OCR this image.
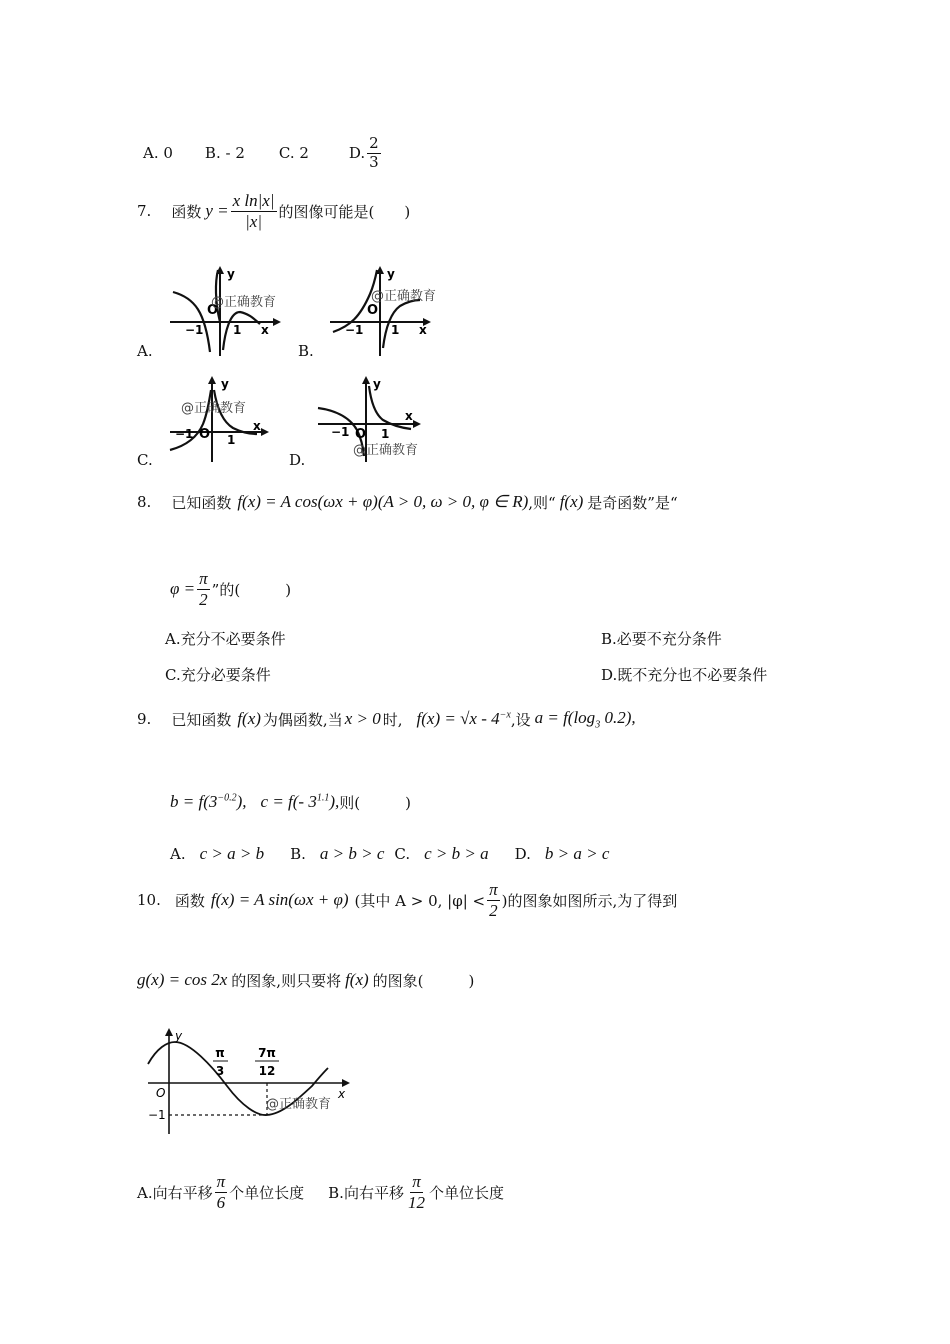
A. 0 B. - 2 C. 2	D. $\frac{2}{3}$
7. 函数 $y = \frac{\text{x ln|x|}}{|x|}$ 的图像可能是(　　)
A.
y
x
O
−1 1
@正确教育
B.
y
x
O
−1 1
@正确教育
C.
y
x
O
−1	1
@正确教育
D.
y
x
O
−1	1
@正确教育
8. 已知函数 f(x) = A cos(ωx + φ)(A > 0, ω > 0, φ ∈ R) ,则“ f(x) 是奇函数”是“
$\varphi = \frac{\pi}{2}$ ”的(　　　)
A.充分不必要条件	B.必要不充分条件
C.充分必要条件	D.既不充分也不必要条件
9. 已知函数 f(x) 为偶函数,当 x > 0 时, $f(x) = √x - 4^{-x}$ ,设 $a = f(\log_3$ 0.2),
$b = f(3^{-0.2})$, c = f(- $3^{1.1}$), 则(　　　)
A. c > a > b B. a > b > c C. c > b > a D. b > a > c
10. 函数 f(x) = A sin(ωx + φ) (其中 A > 0, $|\varphi| < \frac{\pi}{2}$ )的图象如图所示,为了得到
g(x) = cos 2x 的图象,则只要将 f(x) 的图象(　　　)
y
x
O
−1
π
3
7π
12
@正确教育
A.向右平移 $\frac{\pi}{6}$ 个单位长度 B.向右平移 $\frac{\pi}{12}$ 个单位长度
